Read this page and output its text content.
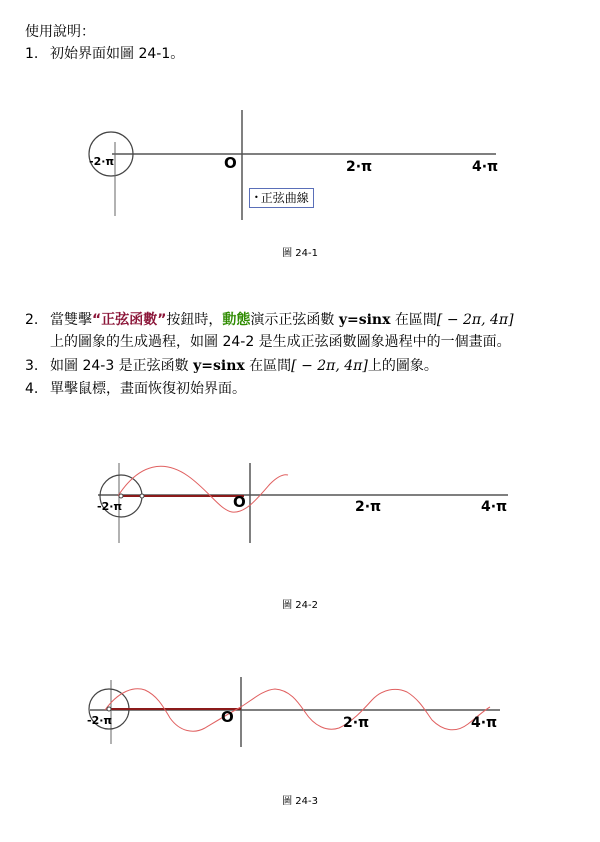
使用說明：
1. 初始界面如圖 24-1。
-2·π	O	2·π	4·π
• 正弦曲線
圖 24-1
2. 當雙擊“正弦函數”按鈕時，動態演示正弦函數 y=sinx 在區間[ − 2π, 4π]
上的圖象的生成過程，如圖 24-2 是生成正弦函數圖象過程中的一個畫面。
3. 如圖 24-3 是正弦函數 y=sinx 在區間[ − 2π, 4π]上的圖象。
4. 單擊鼠標，畫面恢復初始界面。
-2·π	O	2·π	4·π
圖 24-2
-2·π	O	2·π	4·π
圖 24-3
